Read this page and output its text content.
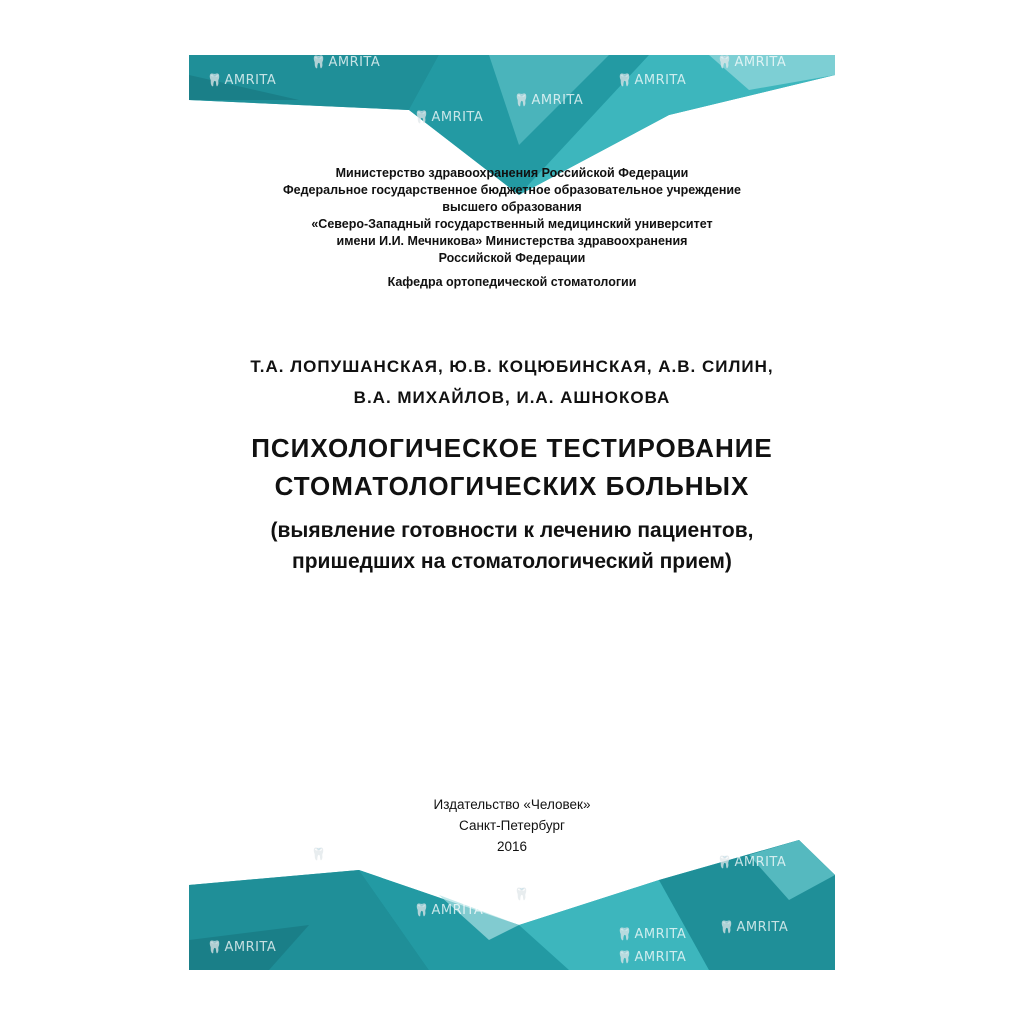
🦷 AMRITA
🦷 AMRITA
🦷 AMRITA
🦷 AMRITA
🦷 AMRITA
🦷 AMRITA
🦷 AMRITA	🦷 AMRITA
🦷 AMRITA
🦷 AMRITA
🦷 AMRITA	🦷 AMRITA
🦷 AMRITA
🦷 AMRITA
Министерство здравоохранения Российской Федерации
Федеральное государственное бюджетное образовательное учреждение
высшего образования
«Северо-Западный государственный медицинский университет
имени И.И. Мечникова» Министерства здравоохранения
Российской Федерации
Кафедра ортопедической стоматологии
Т.А. ЛОПУШАНСКАЯ, Ю.В. КОЦЮБИНСКАЯ, А.В. СИЛИН,
В.А. МИХАЙЛОВ, И.А. АШНОКОВА
ПСИХОЛОГИЧЕСКОЕ ТЕСТИРОВАНИЕ
СТОМАТОЛОГИЧЕСКИХ БОЛЬНЫХ
(выявление готовности к лечению пациентов,
пришедших на стоматологический прием)
Издательство «Человек»
Санкт-Петербург
2016
